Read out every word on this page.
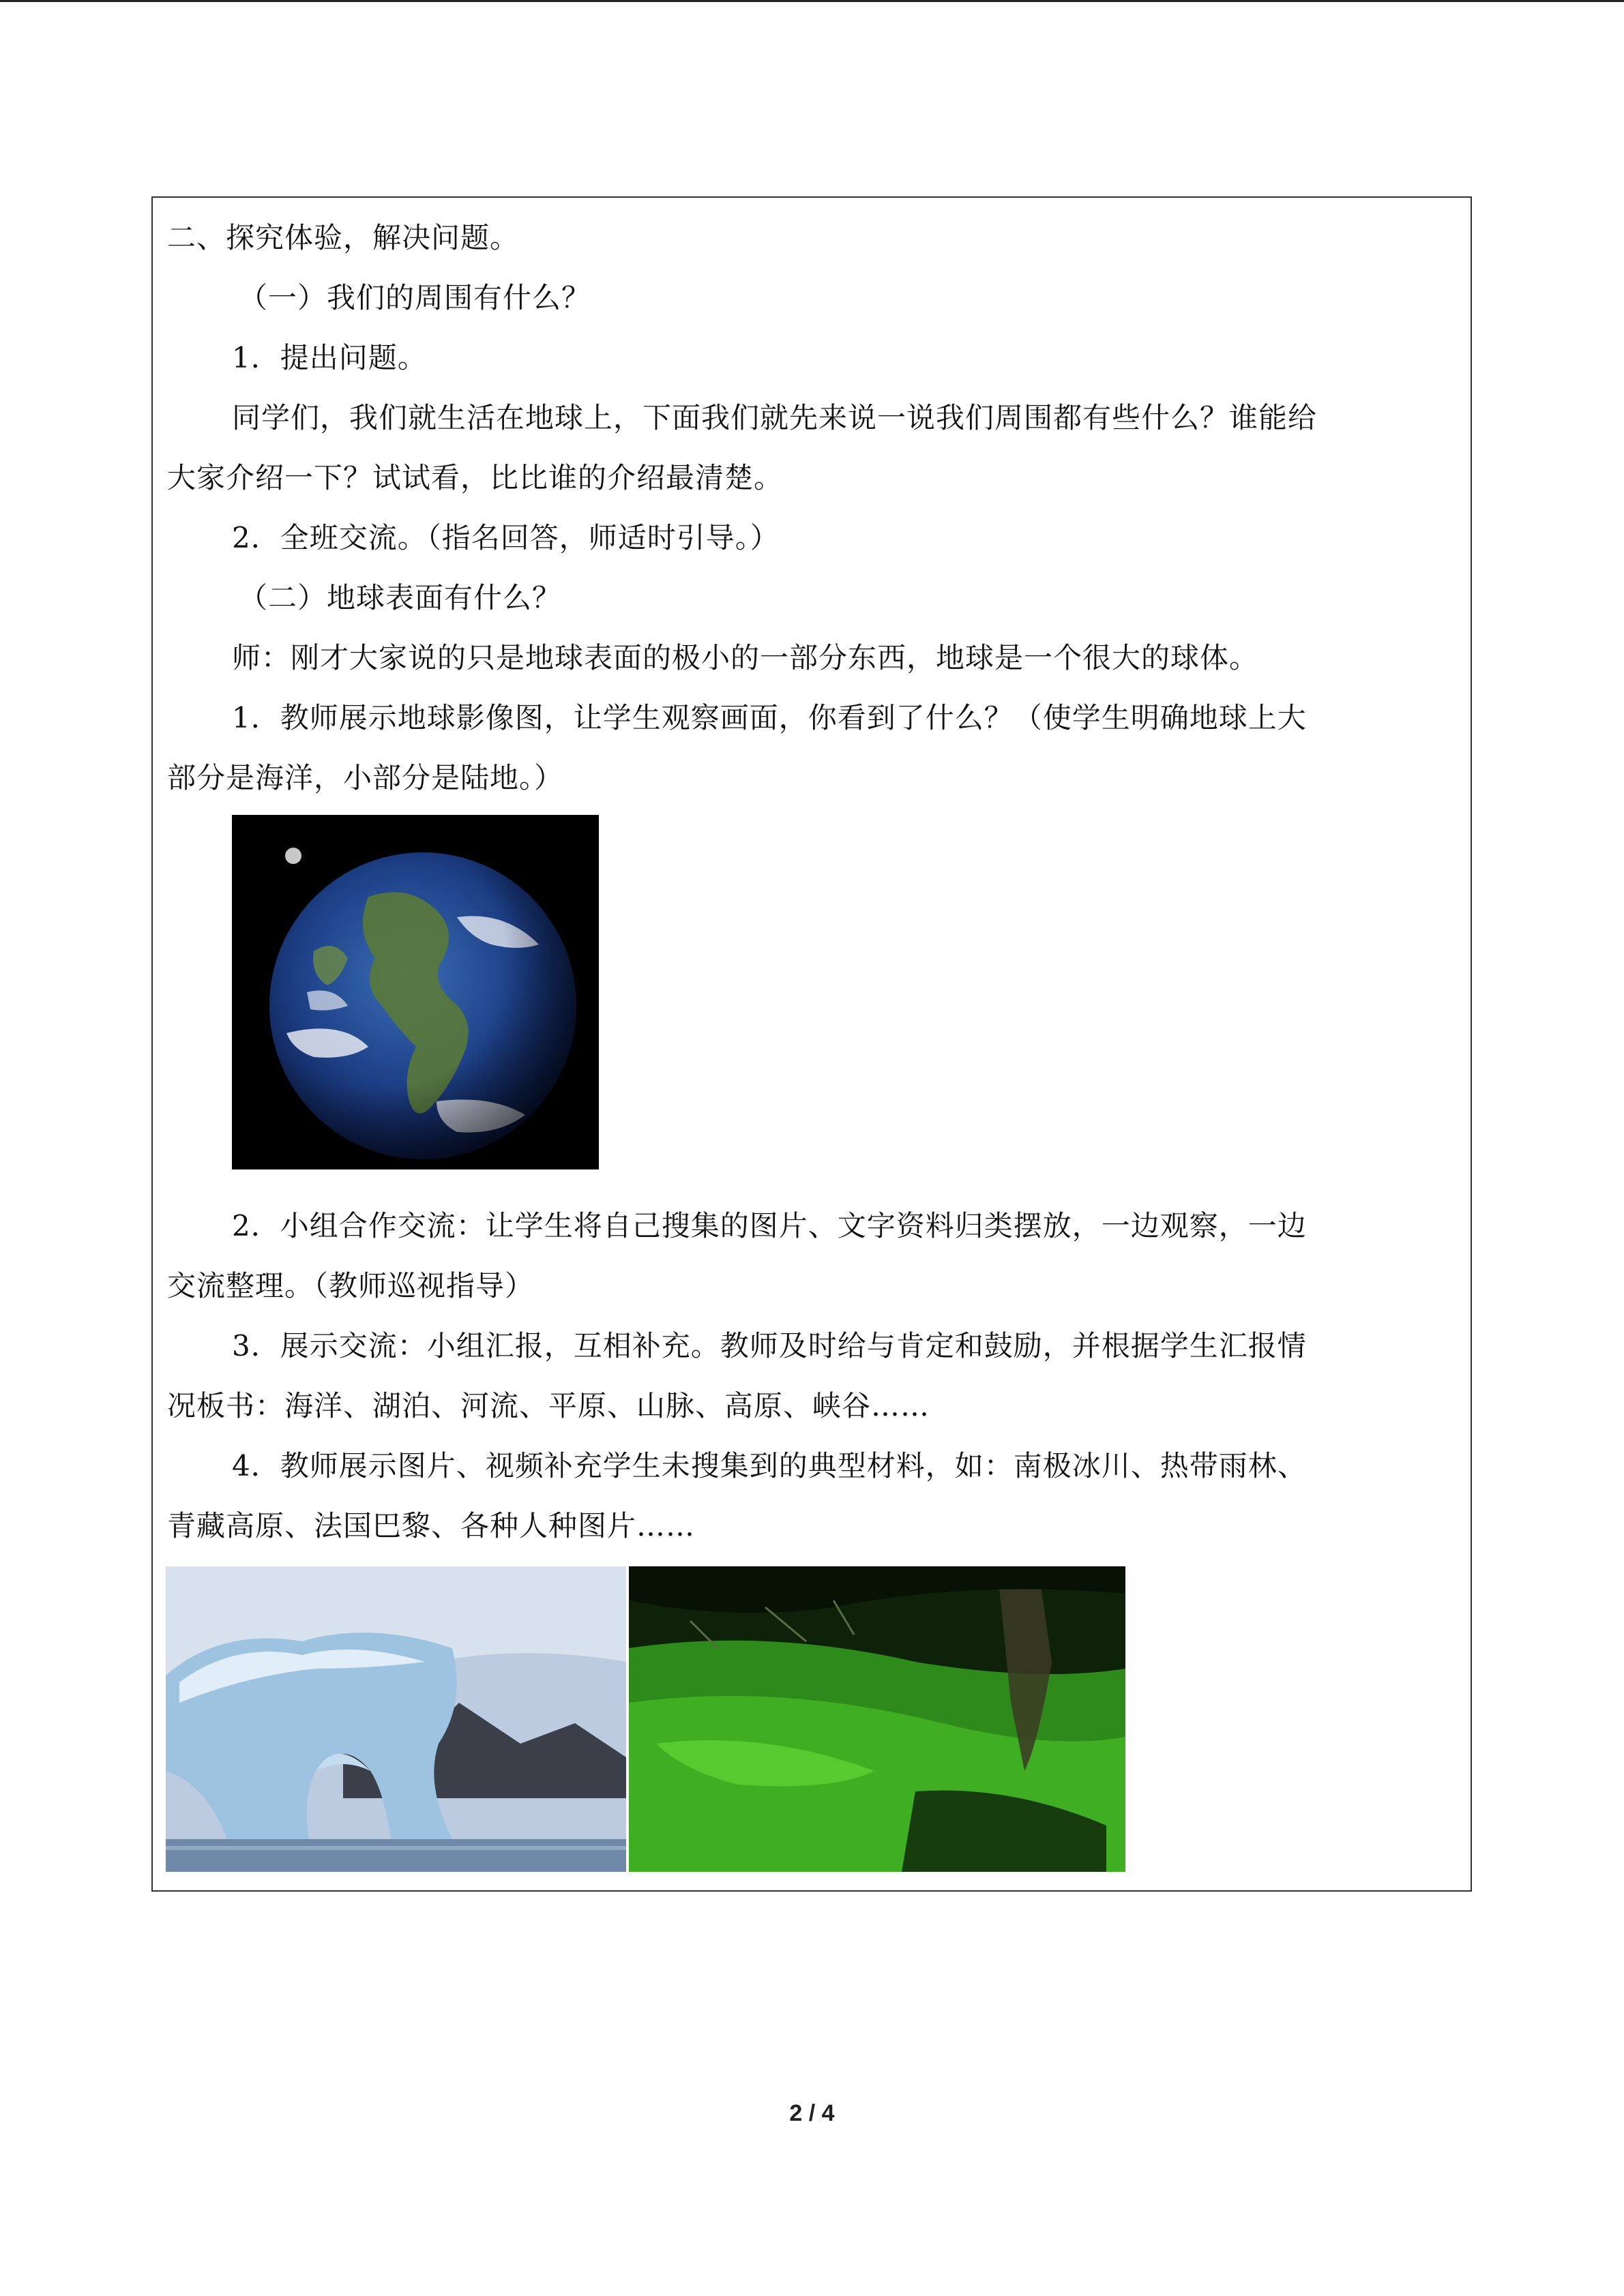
二、探究体验，解决问题。
（一）我们的周围有什么？
1．提出问题。
同学们，我们就生活在地球上，下面我们就先来说一说我们周围都有些什么？谁能给
大家介绍一下？试试看，比比谁的介绍最清楚。
2．全班交流。（指名回答，师适时引导。）
（二）地球表面有什么？
师：刚才大家说的只是地球表面的极小的一部分东西，地球是一个很大的球体。
1．教师展示地球影像图，让学生观察画面，你看到了什么？（使学生明确地球上大
部分是海洋，小部分是陆地。）
2．小组合作交流：让学生将自己搜集的图片、文字资料归类摆放，一边观察，一边
交流整理。（教师巡视指导）
3．展示交流：小组汇报，互相补充。教师及时给与肯定和鼓励，并根据学生汇报情
况板书：海洋、湖泊、河流、平原、山脉、高原、峡谷……
4．教师展示图片、视频补充学生未搜集到的典型材料，如：南极冰川、热带雨林、
青藏高原、法国巴黎、各种人种图片……
2 / 4
